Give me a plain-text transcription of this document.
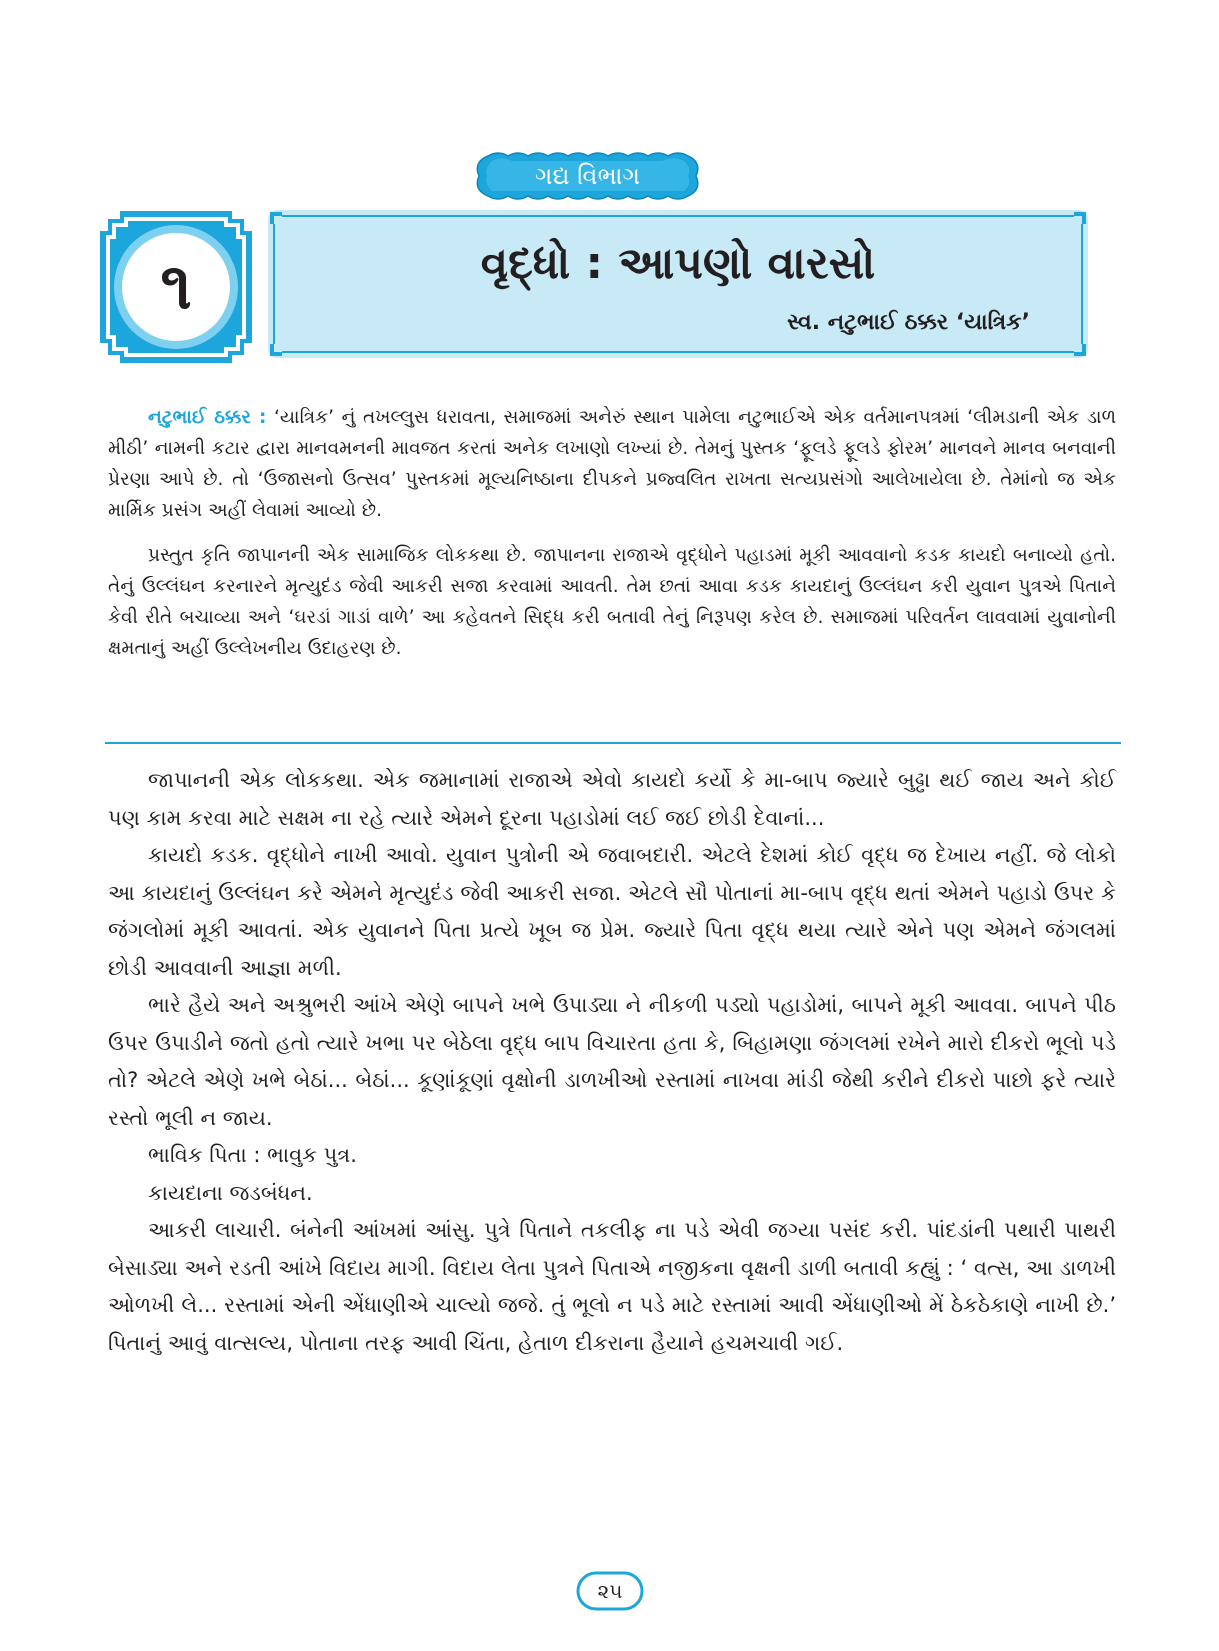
ગદ્ય વિભાગ
૧	વૃદ્ધો : આપણો વારસો
સ્વ. નટુભાઈ ઠક્કર ‘યાત્રિક’

નટુભાઈ ઠક્કર : ‘યાત્રિક’ નું તખલ્લુસ ધરાવતા, સમાજમાં અનેરું સ્થાન પામેલા નટુભાઈએ એક વર્તમાનપત્રમાં ‘લીમડાની એક ડાળ મીઠી’ નામની કટાર દ્વારા માનવમનની માવજત કરતાં અનેક લખાણો લખ્યાં છે. તેમનું પુસ્તક ‘ફૂલડે ફૂલડે ફોરમ’ માનવને માનવ બનવાની પ્રેરણા આપે છે. તો ‘ઉજાસનો ઉત્સવ’ પુસ્તકમાં મૂલ્યનિષ્ઠાના દીપકને પ્રજ્વલિત રાખતા સત્યપ્રસંગો આલેખાયેલા છે. તેમાંનો જ એક માર્મિક પ્રસંગ અહીં લેવામાં આવ્યો છે.

પ્રસ્તુત કૃતિ જાપાનની એક સામાજિક લોકકથા છે. જાપાનના રાજાએ વૃદ્ધોને પહાડમાં મૂકી આવવાનો કડક કાયદો બનાવ્યો હતો. તેનું ઉલ્લંઘન કરનારને મૃત્યુદંડ જેવી આકરી સજા કરવામાં આવતી. તેમ છતાં આવા કડક કાયદાનું ઉલ્લંઘન કરી યુવાન પુત્રએ પિતાને કેવી રીતે બચાવ્યા અને ‘ઘરડાં ગાડાં વાળે’ આ કહેવતને સિદ્ધ કરી બતાવી તેનું નિરૂપણ કરેલ છે. સમાજમાં પરિવર્તન લાવવામાં યુવાનોની ક્ષમતાનું અહીં ઉલ્લેખનીય ઉદાહરણ છે.

જાપાનની એક લોકકથા. એક જમાનામાં રાજાએ એવો કાયદો કર્યો કે મા-બાપ જ્યારે બુઢ્ઢા થઈ જાય અને કોઈ પણ કામ કરવા માટે સક્ષમ ના રહે ત્યારે એમને દૂરના પહાડોમાં લઈ જઈ છોડી દેવાનાં...

કાયદો કડક. વૃદ્ધોને નાખી આવો. યુવાન પુત્રોની એ જવાબદારી. એટલે દેશમાં કોઈ વૃદ્ધ જ દેખાય નહીં. જે લોકો આ કાયદાનું ઉલ્લંઘન કરે એમને મૃત્યુદંડ જેવી આકરી સજા. એટલે સૌ પોતાનાં મા-બાપ વૃદ્ધ થતાં એમને પહાડો ઉપર કે જંગલોમાં મૂકી આવતાં. એક યુવાનને પિતા પ્રત્યે ખૂબ જ પ્રેમ. જ્યારે પિતા વૃદ્ધ થયા ત્યારે એને પણ એમને જંગલમાં છોડી આવવાની આજ્ઞા મળી.

ભારે હૈયે અને અશ્રુભરી આંખે એણે બાપને ખભે ઉપાડ્યા ને નીકળી પડ્યો પહાડોમાં, બાપને મૂકી આવવા. બાપને પીઠ ઉપર ઉપાડીને જતો હતો ત્યારે ખભા પર બેઠેલા વૃદ્ધ બાપ વિચારતા હતા કે, બિહામણા જંગલમાં રખેને મારો દીકરો ભૂલો પડે તો? એટલે એણે ખભે બેઠાં... બેઠાં... કૂણાંકૂણાં વૃક્ષોની ડાળખીઓ રસ્તામાં નાખવા માંડી જેથી કરીને દીકરો પાછો ફરે ત્યારે રસ્તો ભૂલી ન જાય.

ભાવિક પિતા : ભાવુક પુત્ર.

કાયદાના જડબંધન.

આકરી લાચારી. બંનેની આંખમાં આંસુ. પુત્રે પિતાને તકલીફ ના પડે એવી જગ્યા પસંદ કરી. પાંદડાંની પથારી પાથરી બેસાડ્યા અને રડતી આંખે વિદાય માગી. વિદાય લેતા પુત્રને પિતાએ નજીકના વૃક્ષની ડાળી બતાવી કહ્યું : ‘ વત્સ, આ ડાળખી ઓળખી લે... રસ્તામાં એની એંધાણીએ ચાલ્યો જજે. તું ભૂલો ન પડે માટે રસ્તામાં આવી એંધાણીઓ મેં ઠેકઠેકાણે નાખી છે.’ પિતાનું આવું વાત્સલ્ય, પોતાના તરફ આવી ચિંતા, હેતાળ દીકરાના હૈયાને હચમચાવી ગઈ.

૨૫
